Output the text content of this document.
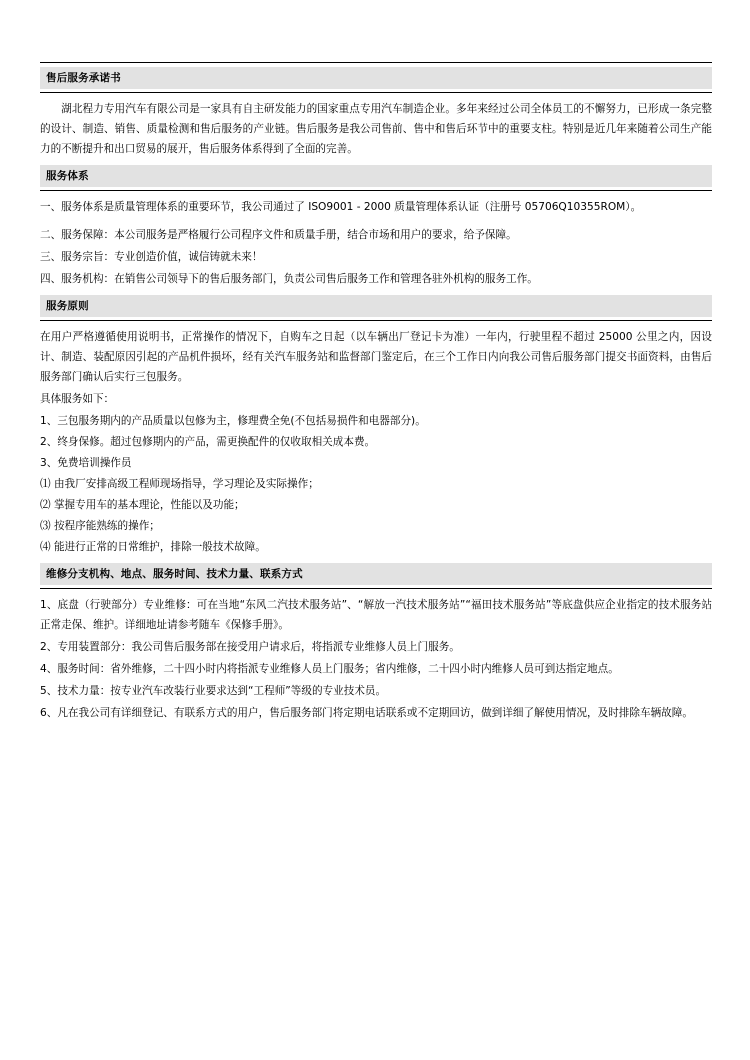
售后服务承诺书

湖北程力专用汽车有限公司是一家具有自主研发能力的国家重点专用汽车制造企业。多年来经过公司全体员工的不懈努力，已形成一条完整的设计、制造、销售、质量检测和售后服务的产业链。售后服务是我公司售前、售中和售后环节中的重要支柱。特别是近几年来随着公司生产能力的不断提升和出口贸易的展开，售后服务体系得到了全面的完善。

服务体系

一、服务体系是质量管理体系的重要环节，我公司通过了 ISO9001 - 2000 质量管理体系认证（注册号 05706Q10355ROM）。

二、服务保障：本公司服务是严格履行公司程序文件和质量手册，结合市场和用户的要求，给予保障。

三、服务宗旨：专业创造价值，诚信铸就未来！

四、服务机构：在销售公司领导下的售后服务部门，负责公司售后服务工作和管理各驻外机构的服务工作。

服务原则

在用户严格遵循使用说明书，正常操作的情况下，自购车之日起（以车辆出厂登记卡为准）一年内，行驶里程不超过 25000 公里之内，因设计、制造、装配原因引起的产品机件损坏，经有关汽车服务站和监督部门鉴定后，在三个工作日内向我公司售后服务部门提交书面资料，由售后服务部门确认后实行三包服务。

具体服务如下：

1、三包服务期内的产品质量以包修为主，修理费全免(不包括易损件和电器部分)。

2、终身保修。超过包修期内的产品，需更换配件的仅收取相关成本费。

3、免费培训操作员

⑴ 由我厂安排高级工程师现场指导，学习理论及实际操作；

⑵ 掌握专用车的基本理论，性能以及功能；

⑶ 按程序能熟练的操作；

⑷ 能进行正常的日常维护，排除一般技术故障。

维修分支机构、地点、服务时间、技术力量、联系方式

1、底盘（行驶部分）专业维修：可在当地“东风二汽技术服务站”、“解放一汽技术服务站”“福田技术服务站”等底盘供应企业指定的技术服务站正常走保、维护。详细地址请参考随车《保修手册》。

2、专用装置部分：我公司售后服务部在接受用户请求后，将指派专业维修人员上门服务。

4、服务时间：省外维修，二十四小时内将指派专业维修人员上门服务；省内维修，二十四小时内维修人员可到达指定地点。

5、技术力量：按专业汽车改装行业要求达到“工程师”等级的专业技术员。

6、凡在我公司有详细登记、有联系方式的用户，售后服务部门将定期电话联系或不定期回访，做到详细了解使用情况，及时排除车辆故障。
